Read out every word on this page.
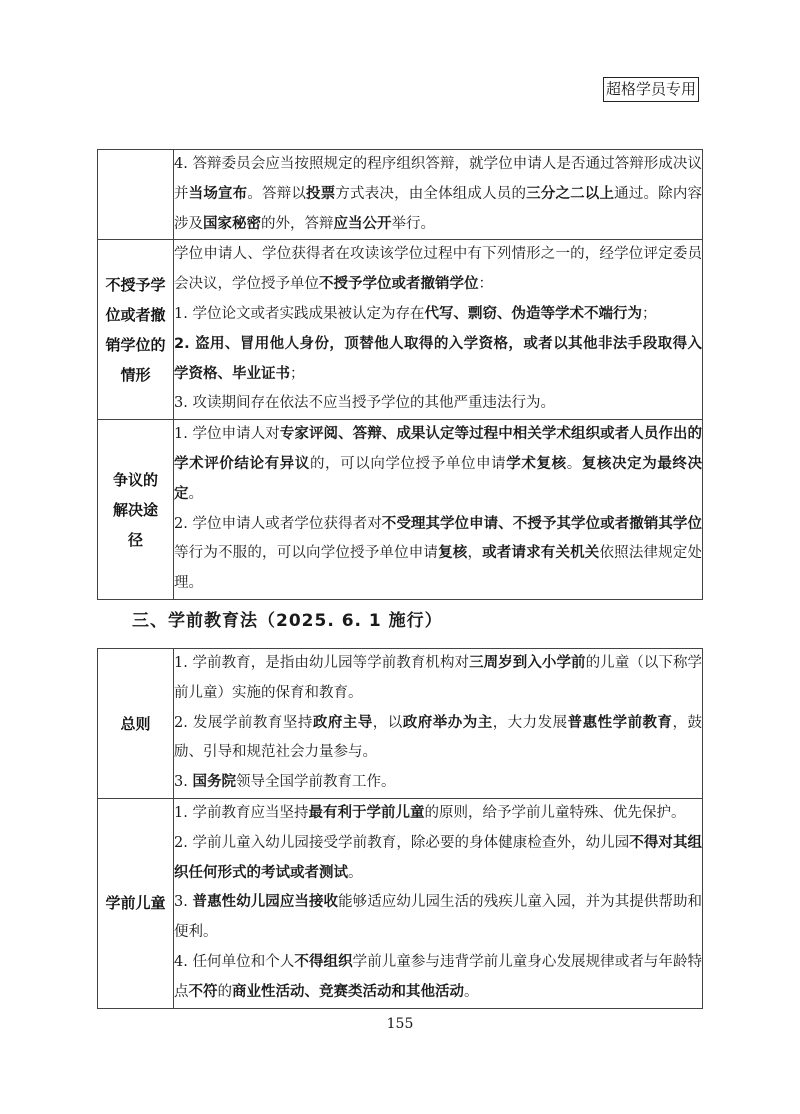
超格学员专用

	4. 答辩委员会应当按照规定的程序组织答辩，就学位申请人是否通过答辩形成决议并当场宣布。答辩以投票方式表决，由全体组成人员的三分之二以上通过。除内容涉及国家秘密的外，答辩应当公开举行。

不授予学位或者撤销学位的情形	学位申请人、学位获得者在攻读该学位过程中有下列情形之一的，经学位评定委员会决议，学位授予单位不授予学位或者撤销学位：
1. 学位论文或者实践成果被认定为存在代写、剽窃、伪造等学术不端行为；
2. 盗用、冒用他人身份，顶替他人取得的入学资格，或者以其他非法手段取得入学资格、毕业证书；
3. 攻读期间存在依法不应当授予学位的其他严重违法行为。

争议的解决途径	1. 学位申请人对专家评阅、答辩、成果认定等过程中相关学术组织或者人员作出的学术评价结论有异议的，可以向学位授予单位申请学术复核。复核决定为最终决定。
2. 学位申请人或者学位获得者对不受理其学位申请、不授予其学位或者撤销其学位等行为不服的，可以向学位授予单位申请复核，或者请求有关机关依照法律规定处理。
三、学前教育法（2025. 6. 1 施行）
总则	1. 学前教育，是指由幼儿园等学前教育机构对三周岁到入小学前的儿童（以下称学前儿童）实施的保育和教育。
2. 发展学前教育坚持政府主导，以政府举办为主，大力发展普惠性学前教育，鼓励、引导和规范社会力量参与。
3. 国务院领导全国学前教育工作。

学前儿童	1. 学前教育应当坚持最有利于学前儿童的原则，给予学前儿童特殊、优先保护。
2. 学前儿童入幼儿园接受学前教育，除必要的身体健康检查外，幼儿园不得对其组织任何形式的考试或者测试。
3. 普惠性幼儿园应当接收能够适应幼儿园生活的残疾儿童入园，并为其提供帮助和便利。
4. 任何单位和个人不得组织学前儿童参与违背学前儿童身心发展规律或者与年龄特点不符的商业性活动、竞赛类活动和其他活动。
155
